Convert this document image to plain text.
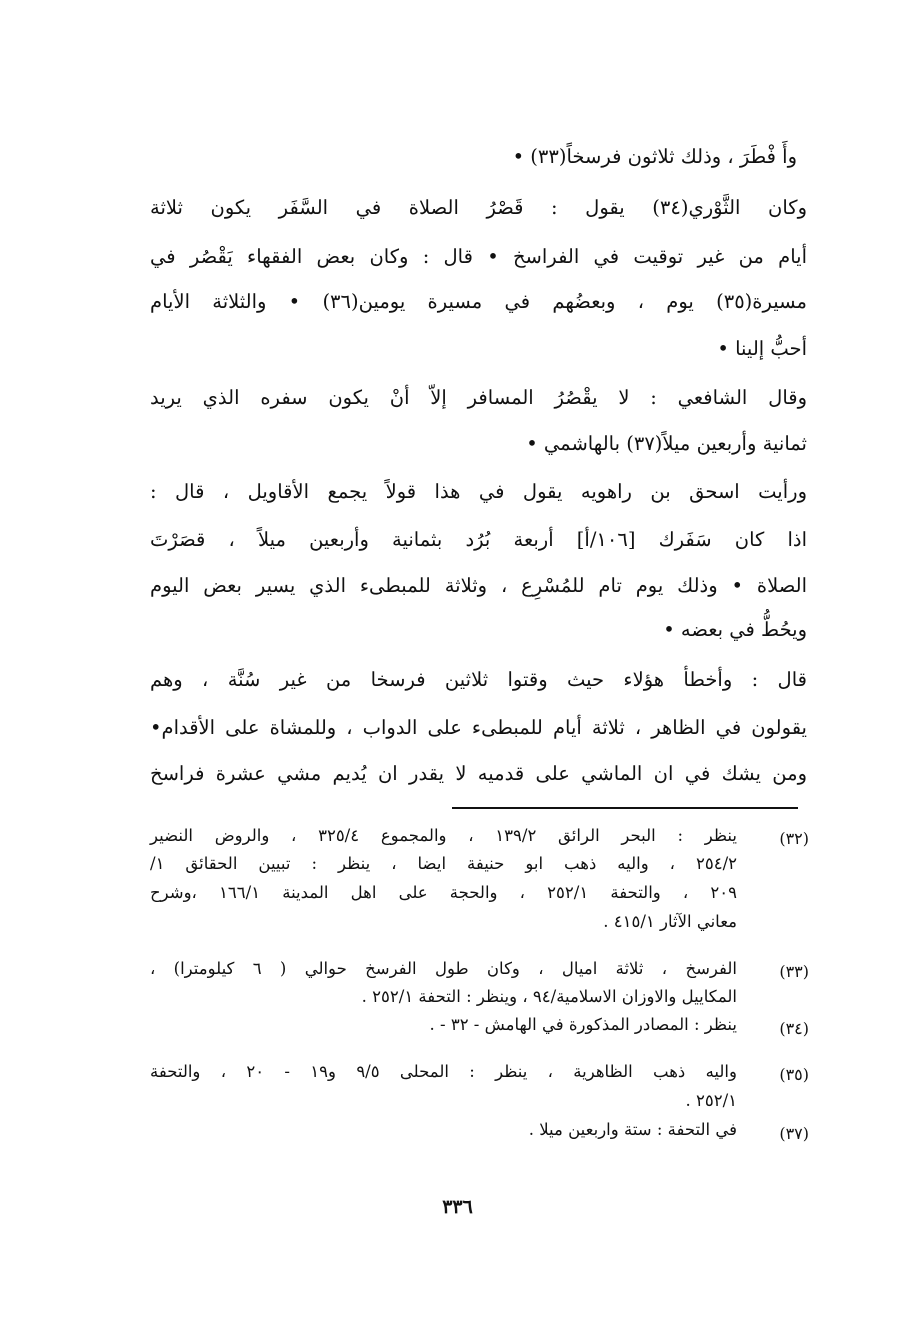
وأَ فْطَرَ ، وذلك ثلاثون فرسخاً(٣٣) •
وكان الثَّوْري(٣٤) يقول : قَصْرُ الصلاة في السَّفَر يكون ثلاثة
أيام من غير توقيت في الفراسخ • قال : وكان بعض الفقهاء يَقْصُر في
مسيرة(٣٥) يوم ، وبعضُهم في مسيرة يومين(٣٦) • والثلاثة الأيام
أحبُّ إلينا •
وقال الشافعي : لا يقْصُرُ المسافر إلاّ أنْ يكون سفره الذي يريد
ثمانية وأربعين ميلاً(٣٧) بالهاشمي •
ورأيت اسحق بن راهويه يقول في هذا قولاً يجمع الأقاويل ، قال :
اذا كان سَفَرك [١٠٦/أ] أربعة بُرُد بثمانية وأربعين ميلاً ، قصَرْتَ
الصلاة • وذلك يوم تام للمُسْرِع ، وثلاثة للمبطىء الذي يسير بعض اليوم
ويحُطُّ في بعضه •
قال : وأخطأ هؤلاء حيث وقتوا ثلاثين فرسخا من غير سُنَّة ، وهم
يقولون في الظاهر ، ثلاثة أيام للمبطىء على الدواب ، وللمشاة على الأقدام•
ومن يشك في ان الماشي على قدميه لا يقدر ان يُديم مشي عشرة فراسخ
(٣٢)
ينظر : البحر الرائق ١٣٩/٢ ، والمجموع ٣٢٥/٤ ، والروض النضير
٢٥٤/٢ ، واليه ذهب ابو حنيفة ايضا ، ينظر : تبيين الحقائق ١/
٢٠٩ ، والتحفة ٢٥٢/١ ، والحجة على اهل المدينة ١٦٦/١ ،وشرح
معاني الآثار ٤١٥/١ .
(٣٣)
الفرسخ ، ثلاثة اميال ، وكان طول الفرسخ حوالي ( ٦ كيلومترا) ،
المكاييل والاوزان الاسلامية/٩٤ ، وينظر : التحفة ٢٥٢/١ .
(٣٤)
ينظر : المصادر المذكورة في الهامش - ٣٢ - .
(٣٥)
واليه ذهب الظاهرية ، ينظر : المحلى ٩/٥ و١٩ - ٢٠ ، والتحفة
٢٥٢/١ .
(٣٧)
في التحفة : ستة واربعين ميلا .
٣٣٦
